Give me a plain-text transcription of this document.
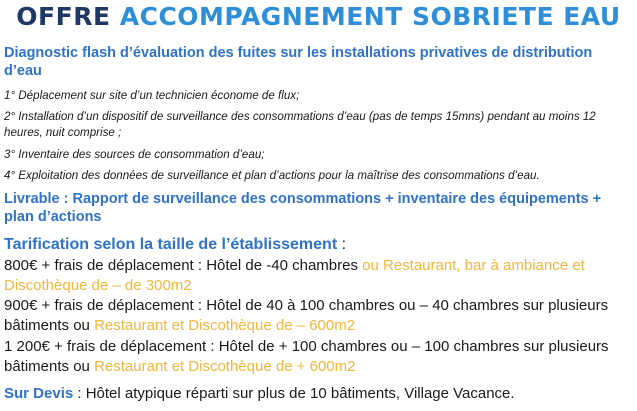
OFFRE ACCOMPAGNEMENT SOBRIETE EAU
Diagnostic flash d’évaluation des fuites sur les installations privatives de distribution d’eau
1° Déplacement sur site d’un technicien économe de flux;
2° Installation d’un dispositif de surveillance des consommations d’eau (pas de temps 15mns) pendant au moins 12 heures, nuit comprise ;
3° Inventaire des sources de consommation d’eau;
4° Exploitation des données de surveillance et plan d’actions pour la maîtrise des consommations d’eau.
Livrable : Rapport de surveillance des consommations + inventaire des équipements + plan d’actions
Tarification selon la taille de l’établissement :
800€ + frais de déplacement : Hôtel de -40 chambres ou Restaurant, bar à ambiance et Discothèque de – de 300m2
900€ + frais de déplacement : Hôtel de 40 à 100 chambres ou – 40 chambres sur plusieurs bâtiments ou Restaurant et Discothèque de – 600m2
1 200€ + frais de déplacement : Hôtel de + 100 chambres ou – 100 chambres sur plusieurs bâtiments ou Restaurant et Discothèque de + 600m2
Sur Devis : Hôtel atypique réparti sur plus de 10 bâtiments, Village Vacance.
